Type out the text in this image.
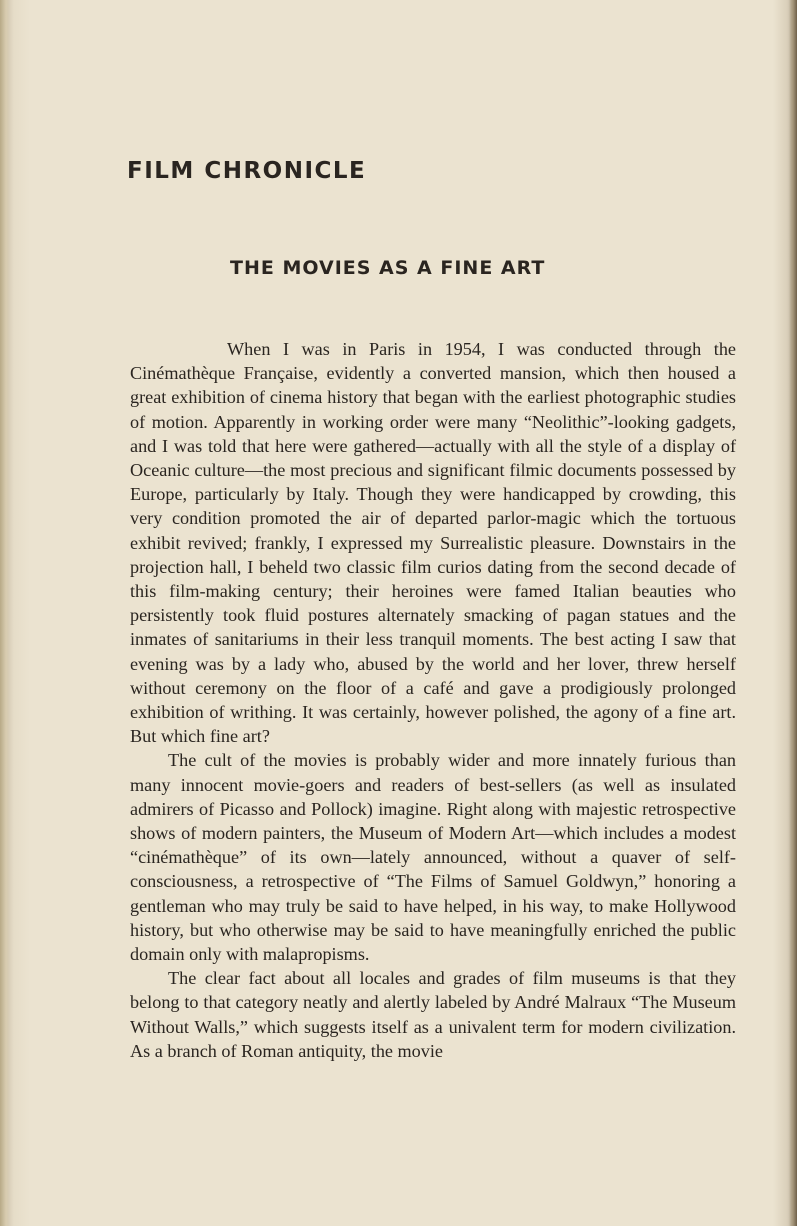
FILM CHRONICLE
THE MOVIES AS A FINE ART

When I was in Paris in 1954, I was conducted through the Cinémathèque Française, evidently a converted mansion, which then housed a great exhibition of cinema history that began with the earliest photographic studies of motion. Apparently in working order were many “Neolithic”-looking gadgets, and I was told that here were gathered—actually with all the style of a display of Oceanic culture—the most precious and significant filmic documents possessed by Europe, particularly by Italy. Though they were handicapped by crowding, this very condition promoted the air of departed parlor-magic which the tortuous exhibit revived; frankly, I expressed my Surrealistic pleasure. Downstairs in the projection hall, I beheld two classic film curios dating from the second decade of this film-making century; their heroines were famed Italian beauties who persistently took fluid postures alternately smacking of pagan statues and the inmates of sanitariums in their less tranquil moments. The best acting I saw that evening was by a lady who, abused by the world and her lover, threw herself without ceremony on the floor of a café and gave a prodigiously prolonged exhibition of writhing. It was certainly, however polished, the agony of a fine art. But which fine art?

The cult of the movies is probably wider and more innately furious than many innocent movie-goers and readers of best-sellers (as well as insulated admirers of Picasso and Pollock) imagine. Right along with majestic retrospective shows of modern painters, the Museum of Modern Art—which includes a modest “cinémathèque” of its own—lately announced, without a quaver of self-consciousness, a retrospective of “The Films of Samuel Goldwyn,” honoring a gentleman who may truly be said to have helped, in his way, to make Hollywood history, but who otherwise may be said to have meaningfully enriched the public domain only with malapropisms.

The clear fact about all locales and grades of film museums is that they belong to that category neatly and alertly labeled by André Malraux “The Museum Without Walls,” which suggests itself as a univalent term for modern civilization. As a branch of Roman antiquity, the movie
